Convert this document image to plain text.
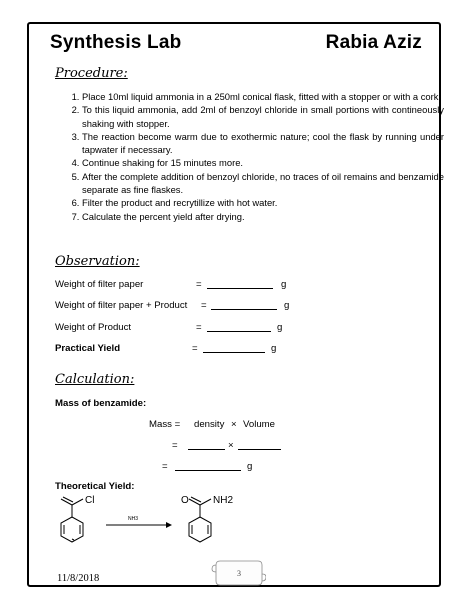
Synthesis Lab	Rabia Aziz
Procedure:
1. Place 10ml liquid ammonia in a 250ml conical flask, fitted with a stopper or with a cork.
2. To this liquid ammonia, add 2ml of benzoyl chloride in small portions with contineously shaking with stopper.
3. The reaction become warm due to exothermic nature; cool the flask by running under tapwater if necessary.
4. Continue shaking for 15 minutes more.
5. After the complete addition of benzoyl chloride, no traces of oil remains and benzamide separate as fine flaskes.
6. Filter the product and recrytillize with hot water.
7. Calculate the percent yield after drying.
Observation:
Weight of filter paper	=	g
Weight of filter paper + Product =	g
Weight of Product	=	g
Practical Yield	=	g
Calculation:
Mass of benzamide:
Mass = density × Volume
=	×
=	g
Theoretical Yield:
Cl
NH3
O NH2
11/8/2018	3
